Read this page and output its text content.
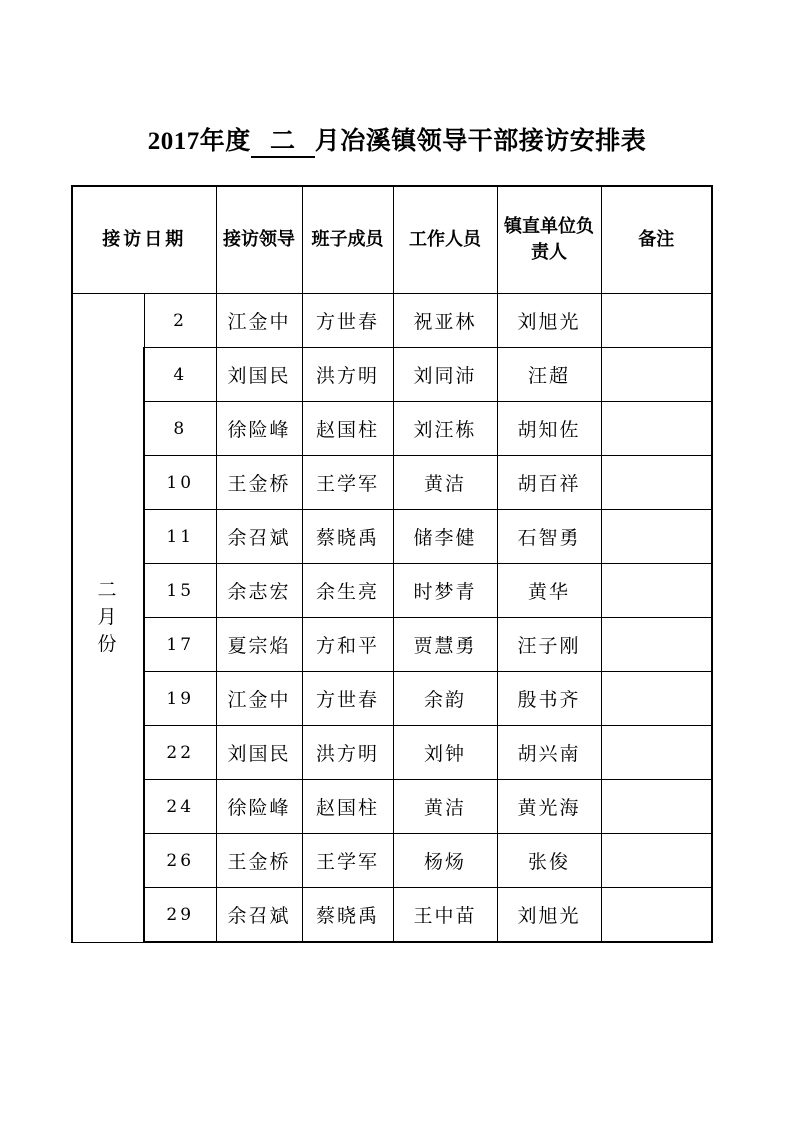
2017年度 二 月冶溪镇领导干部接访安排表
接访日期		接访领导	班子成员	工作人员	镇直单位负责人	备注
二月份	2	江金中	方世春	祝亚林	刘旭光	
	4	刘国民	洪方明	刘同沛	汪超	
	8	徐险峰	赵国柱	刘汪栋	胡知佐	
	10	王金桥	王学军	黄洁	胡百祥	
	11	余召斌	蔡晓禹	储李健	石智勇	
	15	余志宏	余生亮	时梦青	黄华	
	17	夏宗焰	方和平	贾慧勇	汪子刚	
	19	江金中	方世春	余韵	殷书齐	
	22	刘国民	洪方明	刘钟	胡兴南	
	24	徐险峰	赵国柱	黄洁	黄光海	
	26	王金桥	王学军	杨炀	张俊	
	29	余召斌	蔡晓禹	王中苗	刘旭光	
